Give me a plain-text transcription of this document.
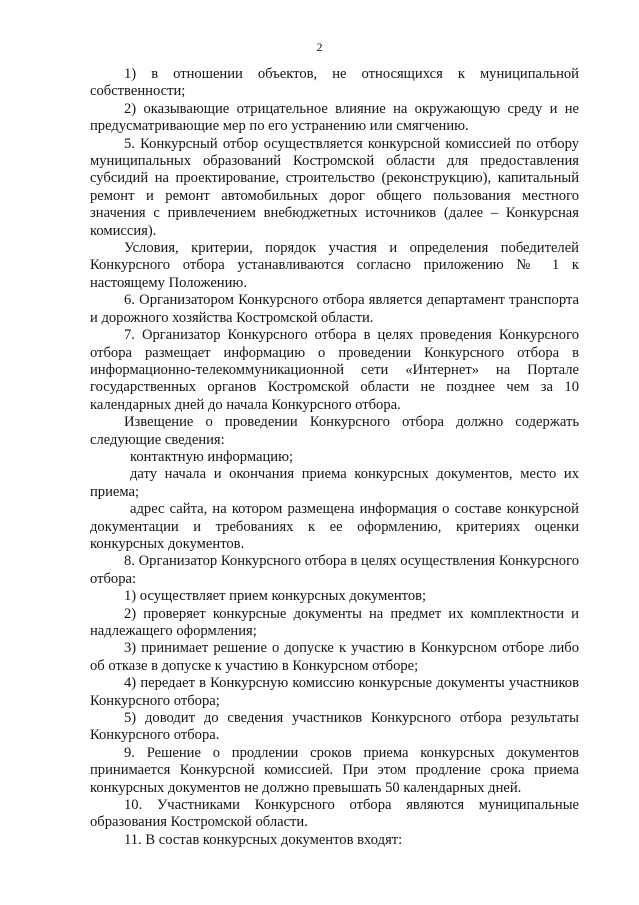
2

1) в отношении объектов, не относящихся к муниципальной собственности;

2) оказывающие отрицательное влияние на окружающую среду и не предусматривающие мер по его устранению или смягчению.

5. Конкурсный отбор осуществляется конкурсной комиссией по отбору муниципальных образований Костромской области для предоставления субсидий на проектирование, строительство (реконструкцию), капитальный ремонт и ремонт автомобильных дорог общего пользования местного значения с привлечением внебюджетных источников (далее – Конкурсная комиссия).

Условия, критерии, порядок участия и определения победителей Конкурсного отбора устанавливаются согласно приложению № 1 к настоящему Положению.

6. Организатором Конкурсного отбора является департамент транспорта и дорожного хозяйства Костромской области.

7. Организатор Конкурсного отбора в целях проведения Конкурсного отбора размещает информацию о проведении Конкурсного отбора в информационно-телекоммуникационной сети «Интернет» на Портале государственных органов Костромской области не позднее чем за 10 календарных дней до начала Конкурсного отбора.

Извещение о проведении Конкурсного отбора должно содержать следующие сведения:

контактную информацию;

дату начала и окончания приема конкурсных документов, место их приема;

адрес сайта, на котором размещена информация о составе конкурсной документации и требованиях к ее оформлению, критериях оценки конкурсных документов.

8. Организатор Конкурсного отбора в целях осуществления Конкурсного отбора:

1) осуществляет прием конкурсных документов;

2) проверяет конкурсные документы на предмет их комплектности и надлежащего оформления;

3) принимает решение о допуске к участию в Конкурсном отборе либо об отказе в допуске к участию в Конкурсном отборе;

4) передает в Конкурсную комиссию конкурсные документы участников Конкурсного отбора;

5) доводит до сведения участников Конкурсного отбора результаты Конкурсного отбора.

9. Решение о продлении сроков приема конкурсных документов принимается Конкурсной комиссией. При этом продление срока приема конкурсных документов не должно превышать 50 календарных дней.

10. Участниками Конкурсного отбора являются муниципальные образования Костромской области.

11. В состав конкурсных документов входят:
